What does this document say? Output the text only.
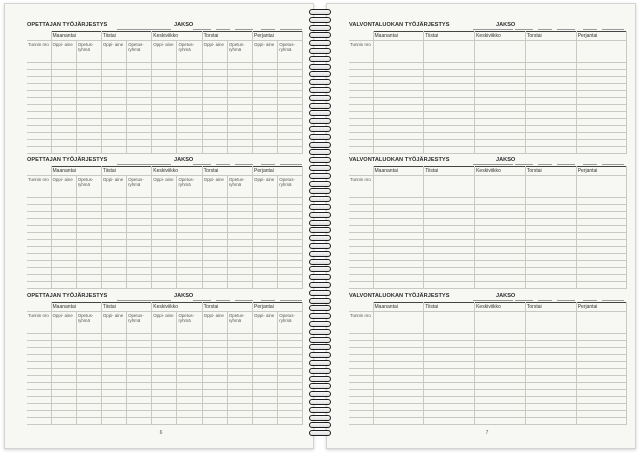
OPETTAJAN TYÖJÄRJESTYS	JAKSO
	Maanantai		Tiistai		Keskiviikko		Torstai		Perjantai	
Tunnin nro	Oppi- aine	Opetus- ryhmä	Oppi- aine	Opetus- ryhmä	Oppi- aine	Opetus- ryhmä	Oppi- aine	Opetus- ryhmä	Oppi- aine	Opetus- ryhmä

OPETTAJAN TYÖJÄRJESTYS	JAKSO
	Maanantai		Tiistai		Keskiviikko		Torstai		Perjantai	
Tunnin nro	Oppi- aine	Opetus- ryhmä	Oppi- aine	Opetus- ryhmä	Oppi- aine	Opetus- ryhmä	Oppi- aine	Opetus- ryhmä	Oppi- aine	Opetus- ryhmä

OPETTAJAN TYÖJÄRJESTYS	JAKSO
	Maanantai		Tiistai		Keskiviikko		Torstai		Perjantai	
Tunnin nro	Oppi- aine	Opetus- ryhmä	Oppi- aine	Opetus- ryhmä	Oppi- aine	Opetus- ryhmä	Oppi- aine	Opetus- ryhmä	Oppi- aine	Opetus- ryhmä

6
VALVONTALUOKAN TYÖJÄRJESTYS	JAKSO
	Maanantai	Tiistai	Keskiviikko	Torstai	Perjantai
Tunnin nro					

VALVONTALUOKAN TYÖJÄRJESTYS	JAKSO
	Maanantai	Tiistai	Keskiviikko	Torstai	Perjantai
Tunnin nro					

VALVONTALUOKAN TYÖJÄRJESTYS	JAKSO
	Maanantai	Tiistai	Keskiviikko	Torstai	Perjantai
Tunnin nro					

7
